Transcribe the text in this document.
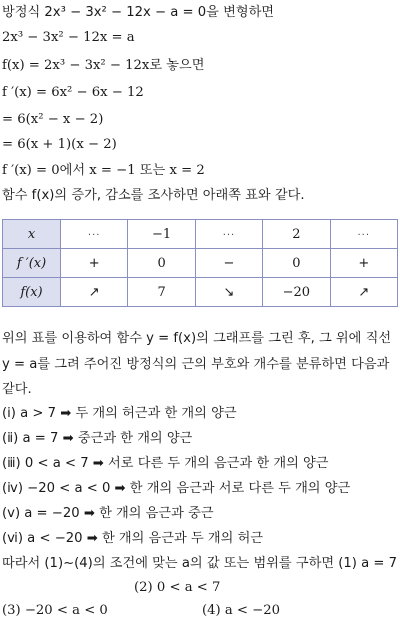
방정식 2x³ − 3x² − 12x − a = 0을 변형하면
2x³ − 3x² − 12x = a
f(x) = 2x³ − 3x² − 12x로 놓으면
f ′(x) = 6x² − 6x − 12
= 6(x² − x − 2)
= 6(x + 1)(x − 2)
f ′(x) = 0에서 x = −1 또는 x = 2
함수 f(x)의 증가, 감소를 조사하면 아래쪽 표와 같다.
x	···	−1	···	2	···
f ′(x)	+	0	−	0	+
f(x)	↗	7	↘	−20	↗
위의 표를 이용하여 함수 y = f(x)의 그래프를 그린 후, 그 위에 직선
y = a를 그려 주어진 방정식의 근의 부호와 개수를 분류하면 다음과
같다.
(ⅰ) a > 7 ➡ 두 개의 허근과 한 개의 양근
(ⅱ) a = 7 ➡ 중근과 한 개의 양근
(ⅲ) 0 < a < 7 ➡ 서로 다른 두 개의 음근과 한 개의 양근
(ⅳ) −20 < a < 0 ➡ 한 개의 음근과 서로 다른 두 개의 양근
(ⅴ) a = −20 ➡ 한 개의 음근과 중근
(ⅵ) a < −20 ➡ 한 개의 음근과 두 개의 허근
따라서 (1)~(4)의 조건에 맞는 a의 값 또는 범위를 구하면 (1) a = 7
(2) 0 < a < 7
(3) −20 < a < 0	(4) a < −20
